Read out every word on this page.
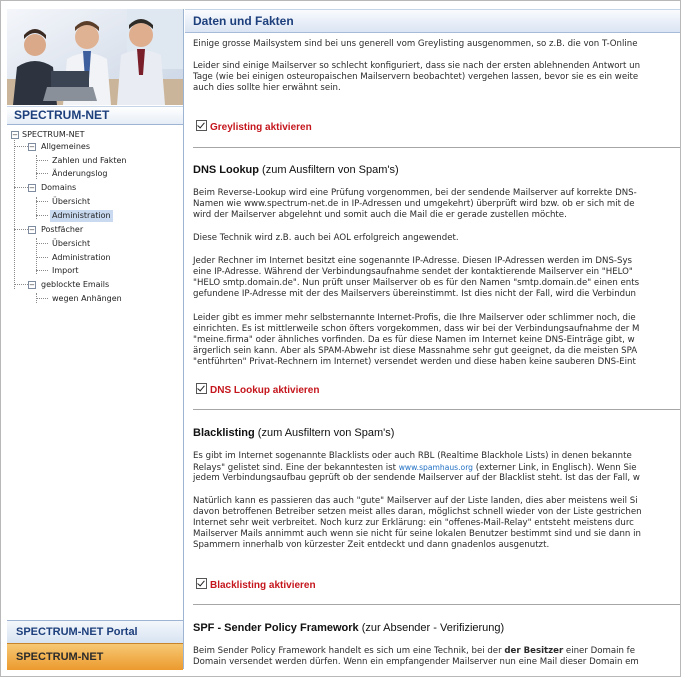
SPECTRUM-NET
− SPECTRUM-NET
− Allgemeines
Zahlen und Fakten
Änderungslog
− Domains
Übersicht
Administration
− Postfächer
Übersicht
Administration
Import
− geblockte Emails
wegen Anhängen
SPECTRUM-NET Portal
SPECTRUM-NET
Daten und Fakten
Einige grosse Mailsystem sind bei uns generell vom Greylisting ausgenommen, so z.B. die von T-Online
Leider sind einige Mailserver so schlecht konfiguriert, dass sie nach der ersten ablehnenden Antwort un
Tage (wie bei einigen osteuropaischen Mailservern beobachtet) vergehen lassen, bevor sie es ein weite
auch dies sollte hier erwähnt sein.
Greylisting aktivieren
DNS Lookup (zum Ausfiltern von Spam's)
Beim Reverse-Lookup wird eine Prüfung vorgenommen, bei der sendende Mailserver auf korrekte DNS-
Namen wie www.spectrum-net.de in IP-Adressen und umgekehrt) überprüft wird bzw. ob er sich mit de
wird der Mailserver abgelehnt und somit auch die Mail die er gerade zustellen möchte.
Diese Technik wird z.B. auch bei AOL erfolgreich angewendet.
Jeder Rechner im Internet besitzt eine sogenannte IP-Adresse. Diesen IP-Adressen werden im DNS-Sys
eine IP-Adresse. Während der Verbindungsaufnahme sendet der kontaktierende Mailserver ein "HELO"
"HELO smtp.domain.de". Nun prüft unser Mailserver ob es für den Namen "smtp.domain.de" einen ents
gefundene IP-Adresse mit der des Mailservers übereinstimmt. Ist dies nicht der Fall, wird die Verbindun
Leider gibt es immer mehr selbsternannte Internet-Profis, die Ihre Mailserver oder schlimmer noch, die
einrichten. Es ist mittlerweile schon öfters vorgekommen, dass wir bei der Verbindungsaufnahme der M
"meine.firma" oder ähnliches vorfinden. Da es für diese Namen im Internet keine DNS-Einträge gibt, w
ärgerlich sein kann. Aber als SPAM-Abwehr ist diese Massnahme sehr gut geeignet, da die meisten SPA
"entführten" Privat-Rechnern im Internet) versendet werden und diese haben keine sauberen DNS-Eint
DNS Lookup aktivieren
Blacklisting (zum Ausfiltern von Spam's)
Es gibt im Internet sogenannte Blacklists oder auch RBL (Realtime Blackhole Lists) in denen bekannte
Relays" gelistet sind. Eine der bekanntesten ist www.spamhaus.org (externer Link, in Englisch). Wenn Sie
jedem Verbindungsaufbau geprüft ob der sendende Mailserver auf der Blacklist steht. Ist das der Fall, w
Natürlich kann es passieren das auch "gute" Mailserver auf der Liste landen, dies aber meistens weil Si
davon betroffenen Betreiber setzen meist alles daran, möglichst schnell wieder von der Liste gestrichen
Internet sehr weit verbreitet. Noch kurz zur Erklärung: ein "offenes-Mail-Relay" entsteht meistens durc
Mailserver Mails annimmt auch wenn sie nicht für seine lokalen Benutzer bestimmt sind und sie dann in
Spammern innerhalb von kürzester Zeit entdeckt und dann gnadenlos ausgenutzt.
Blacklisting aktivieren
SPF - Sender Policy Framework (zur Absender - Verifizierung)
Beim Sender Policy Framework handelt es sich um eine Technik, bei der der Besitzer einer Domain fe
Domain versendet werden dürfen. Wenn ein empfangender Mailserver nun eine Mail dieser Domain em
